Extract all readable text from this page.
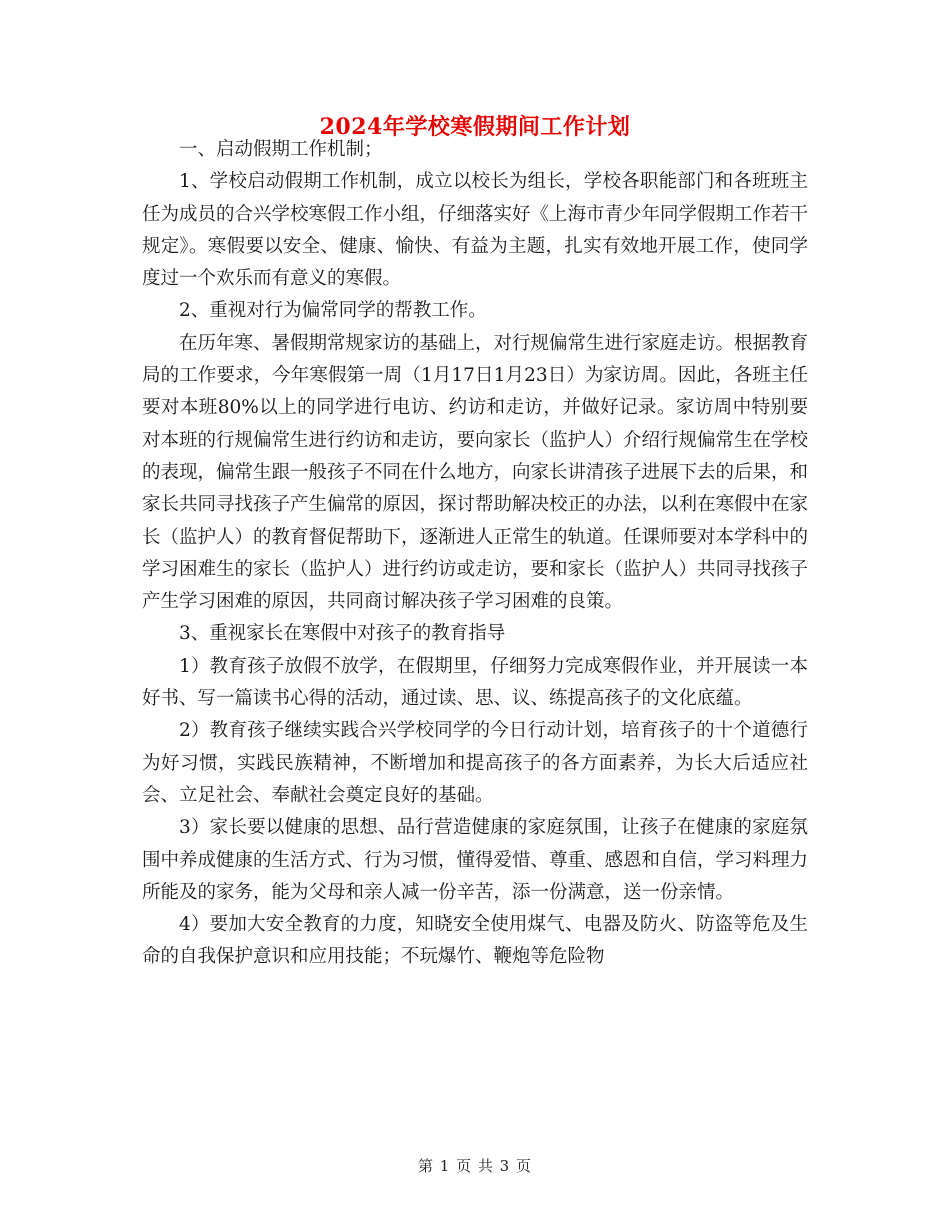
2024年学校寒假期间工作计划

一、启动假期工作机制；

1、学校启动假期工作机制，成立以校长为组长，学校各职能部门和各班班主任为成员的合兴学校寒假工作小组，仔细落实好《上海市青少年同学假期工作若干规定》。寒假要以安全、健康、愉快、有益为主题，扎实有效地开展工作，使同学度过一个欢乐而有意义的寒假。

2、重视对行为偏常同学的帮教工作。

在历年寒、暑假期常规家访的基础上，对行规偏常生进行家庭走访。根据教育局的工作要求，今年寒假第一周（1月17日1月23日）为家访周。因此，各班主任要对本班80%以上的同学进行电访、约访和走访，并做好记录。家访周中特别要对本班的行规偏常生进行约访和走访，要向家长（监护人）介绍行规偏常生在学校的表现，偏常生跟一般孩子不同在什么地方，向家长讲清孩子进展下去的后果，和家长共同寻找孩子产生偏常的原因，探讨帮助解决校正的办法，以利在寒假中在家长（监护人）的教育督促帮助下，逐渐进人正常生的轨道。任课师要对本学科中的学习困难生的家长（监护人）进行约访或走访，要和家长（监护人）共同寻找孩子产生学习困难的原因，共同商讨解决孩子学习困难的良策。

3、重视家长在寒假中对孩子的教育指导

1）教育孩子放假不放学，在假期里，仔细努力完成寒假作业，并开展读一本好书、写一篇读书心得的活动，通过读、思、议、练提高孩子的文化底蕴。

2）教育孩子继续实践合兴学校同学的今日行动计划，培育孩子的十个道德行为好习惯，实践民族精神，不断增加和提高孩子的各方面素养，为长大后适应社会、立足社会、奉献社会奠定良好的基础。

3）家长要以健康的思想、品行营造健康的家庭氛围，让孩子在健康的家庭氛围中养成健康的生活方式、行为习惯，懂得爱惜、尊重、感恩和自信，学习料理力所能及的家务，能为父母和亲人减一份辛苦，添一份满意，送一份亲情。

4）要加大安全教育的力度，知晓安全使用煤气、电器及防火、防盗等危及生命的自我保护意识和应用技能；不玩爆竹、鞭炮等危险物

第 1 页 共 3 页
